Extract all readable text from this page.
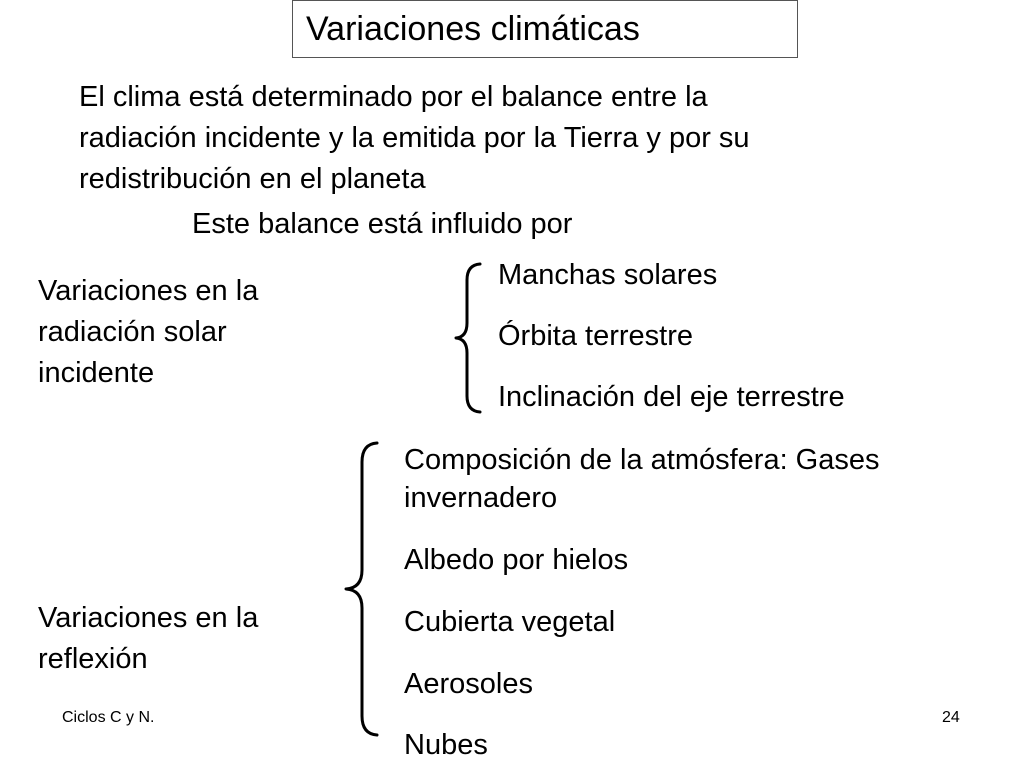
Variaciones climáticas
El clima está determinado por el balance entre la
radiación incidente y la emitida por la Tierra y por su
redistribución en el planeta
Este balance está influido por
Variaciones en la
radiación solar
incidente
Manchas solares
Órbita terrestre
Inclinación del eje terrestre
Variaciones en la
reflexión
Composición de la atmósfera: Gases
invernadero
Albedo por hielos
Cubierta vegetal
Aerosoles
Nubes
Ciclos C y N.	24
